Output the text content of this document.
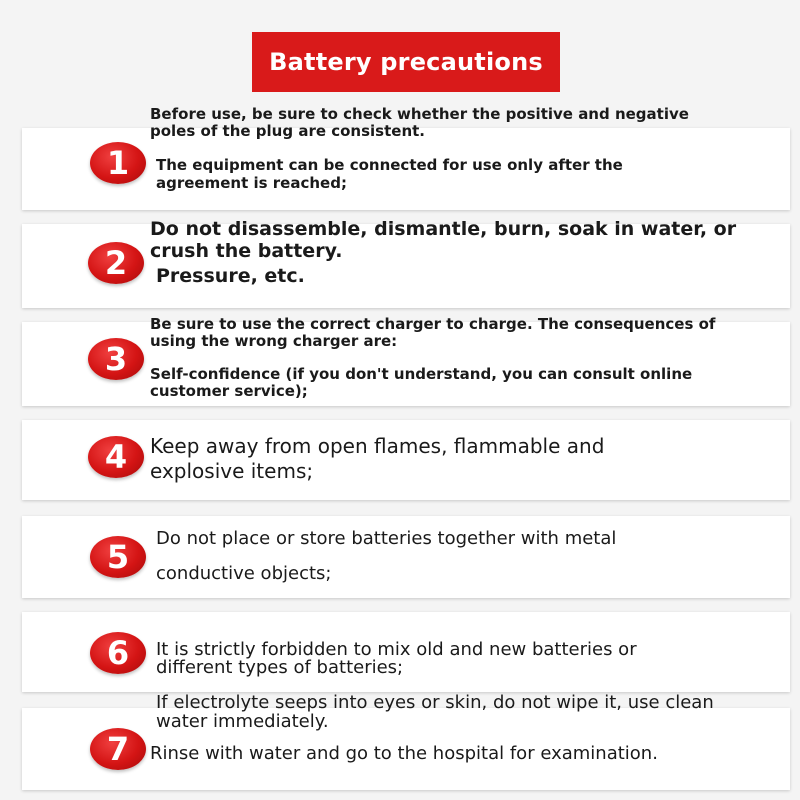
Battery precautions
1
Before use, be sure to check whether the positive and negative
poles of the plug are consistent.
The equipment can be connected for use only after the
agreement is reached;
2
Do not disassemble, dismantle, burn, soak in water, or
crush the battery.
Pressure, etc.
3
Be sure to use the correct charger to charge. The consequences of
using the wrong charger are:
Self-confidence (if you don't understand, you can consult online
customer service);
4	Keep away from open flames, flammable and
explosive items;
5	Do not place or store batteries together with metal
conductive objects;
6	It is strictly forbidden to mix old and new batteries or
different types of batteries;
7
If electrolyte seeps into eyes or skin, do not wipe it, use clean
water immediately.
Rinse with water and go to the hospital for examination.
